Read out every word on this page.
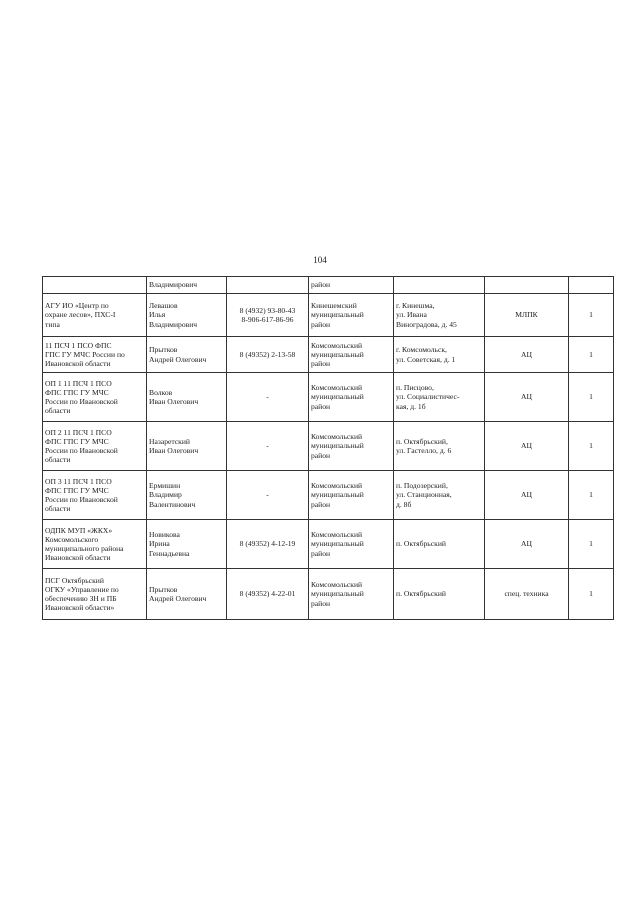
104

	Владимирович		район			

АГУ ИО «Центр по
охране лесов», ПХС-I
типа	Левашов
Илья
Владимирович	8 (4932) 93-80-43
8-906-617-86-96	Кинешемский
муниципальный
район	г. Кинешма,
ул. Ивана
Виноградова, д. 45	МЛПК	1

11 ПСЧ 1 ПСО ФПС
ГПС ГУ МЧС России по
Ивановской области	Прытков
Андрей Олегович	8 (49352) 2-13-58	Комсомольский
муниципальный
район	г. Комсомольск,
ул. Советская, д. 1	АЦ	1

ОП 1 11 ПСЧ 1 ПСО
ФПС ГПС ГУ МЧС
России по Ивановской
области	Волков
Иван Олегович	-	Комсомольский
муниципальный
район	п. Писцово,
ул. Социалистичес-
кая, д. 1б	АЦ	1

ОП 2 11 ПСЧ 1 ПСО
ФПС ГПС ГУ МЧС
России по Ивановской
области	Назаретский
Иван Олегович	-	Комсомольский
муниципальный
район	п. Октябрьский,
ул. Гастелло, д. 6	АЦ	1

ОП 3 11 ПСЧ 1 ПСО
ФПС ГПС ГУ МЧС
России по Ивановской
области	Ермишин
Владимир
Валентинович	-	Комсомольский
муниципальный
район	п. Подозерский,
ул. Станционная,
д. 8б	АЦ	1

ОДПК МУП «ЖКХ»
Комсомольского
муниципального района
Ивановской области	Новикова
Ирина
Геннадьевна	8 (49352) 4-12-19	Комсомольский
муниципальный
район	п. Октябрьский	АЦ	1

ПСГ Октябрьский
ОГКУ «Управление по
обеспечению ЗН и ПБ
Ивановской области»	Прытков
Андрей Олегович	8 (49352) 4-22-01	Комсомольский
муниципальный
район	п. Октябрьский	спец. техника	1
